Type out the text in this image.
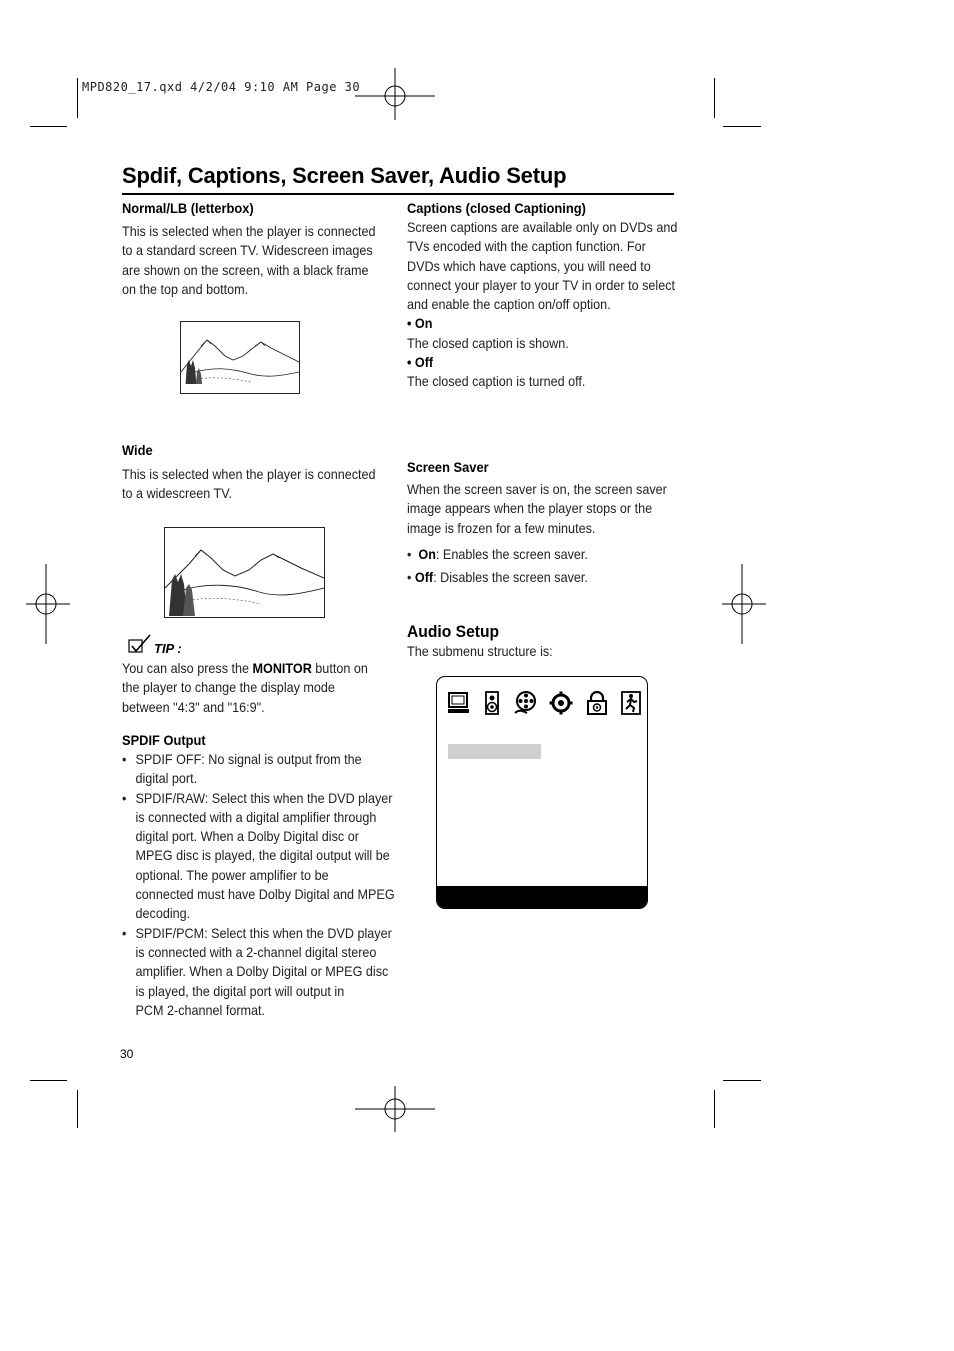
MPD820_17.qxd 4/2/04 9:10 AM Page 30
Spdif, Captions, Screen Saver, Audio Setup
Normal/LB (letterbox)
This is selected when the player is connected
to a standard screen TV. Widescreen images
are shown on the screen, with a black frame
on the top and bottom.
Wide
This is selected when the player is connected
to a widescreen TV.
TIP :
You can also press the MONITOR button on
the player to change the display mode
between "4:3" and "16:9".
SPDIF Output
• SPDIF OFF: No signal is output from the
digital port.
• SPDIF/RAW: Select this when the DVD player
is connected with a digital amplifier through
digital port. When a Dolby Digital disc or
MPEG disc is played, the digital output will be
optional. The power amplifier to be
connected must have Dolby Digital and MPEG
decoding.
• SPDIF/PCM: Select this when the DVD player
is connected with a 2-channel digital stereo
amplifier. When a Dolby Digital or MPEG disc
is played, the digital port will output in
PCM 2-channel format.
30
Captions (closed Captioning)
Screen captions are available only on DVDs and
TVs encoded with the caption function. For
DVDs which have captions, you will need to
connect your player to your TV in order to select
and enable the caption on/off option.
• On
The closed caption is shown.
• Off
The closed caption is turned off.
Screen Saver
When the screen saver is on, the screen saver
image appears when the player stops or the
image is frozen for a few minutes.
• On: Enables the screen saver.
• Off: Disables the screen saver.
Audio Setup
The submenu structure is:
